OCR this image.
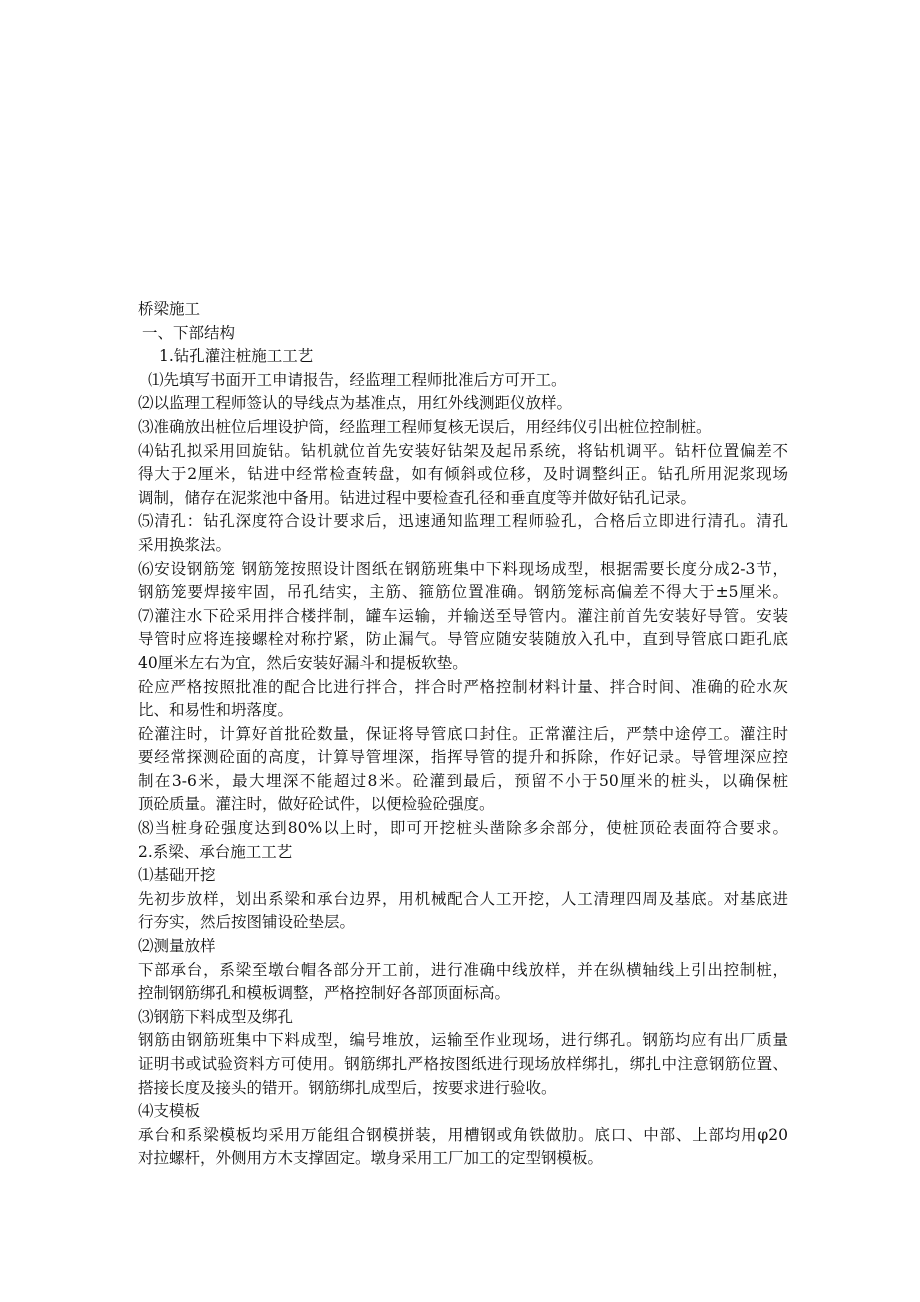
桥梁施工
一、下部结构
1.钻孔灌注桩施工工艺
⑴先填写书面开工申请报告，经监理工程师批准后方可开工。
⑵以监理工程师签认的导线点为基准点，用红外线测距仪放样。
⑶准确放出桩位后埋设护筒，经监理工程师复核无误后，用经纬仪引出桩位控制桩。
⑷钻孔拟采用回旋钻。钻机就位首先安装好钻架及起吊系统，将钻机调平。钻杆位置偏差不
得大于2厘米，钻进中经常检查转盘，如有倾斜或位移，及时调整纠正。钻孔所用泥浆现场
调制，储存在泥浆池中备用。钻进过程中要检查孔径和垂直度等并做好钻孔记录。
⑸清孔：钻孔深度符合设计要求后，迅速通知监理工程师验孔，合格后立即进行清孔。清孔
采用换浆法。
⑹安设钢筋笼 钢筋笼按照设计图纸在钢筋班集中下料现场成型，根据需要长度分成2-3节，
钢筋笼要焊接牢固，吊孔结实，主筋、箍筋位置准确。钢筋笼标高偏差不得大于±5厘米。
⑺灌注水下砼采用拌合楼拌制，罐车运输，并输送至导管内。灌注前首先安装好导管。安装
导管时应将连接螺栓对称拧紧，防止漏气。导管应随安装随放入孔中，直到导管底口距孔底
40厘米左右为宜，然后安装好漏斗和提板软垫。
砼应严格按照批准的配合比进行拌合，拌合时严格控制材料计量、拌合时间、准确的砼水灰
比、和易性和坍落度。
砼灌注时，计算好首批砼数量，保证将导管底口封住。正常灌注后，严禁中途停工。灌注时
要经常探测砼面的高度，计算导管埋深，指挥导管的提升和拆除，作好记录。导管埋深应控
制在3-6米，最大埋深不能超过8米。砼灌到最后，预留不小于50厘米的桩头，以确保桩
顶砼质量。灌注时，做好砼试件，以便检验砼强度。
⑻当桩身砼强度达到80%以上时，即可开挖桩头凿除多余部分，使桩顶砼表面符合要求。
2.系梁、承台施工工艺
⑴基础开挖
先初步放样，划出系梁和承台边界，用机械配合人工开挖，人工清理四周及基底。对基底进
行夯实，然后按图铺设砼垫层。
⑵测量放样
下部承台，系梁至墩台帽各部分开工前，进行准确中线放样，并在纵横轴线上引出控制桩，
控制钢筋绑孔和模板调整，严格控制好各部顶面标高。
⑶钢筋下料成型及绑孔
钢筋由钢筋班集中下料成型，编号堆放，运输至作业现场，进行绑孔。钢筋均应有出厂质量
证明书或试验资料方可使用。钢筋绑扎严格按图纸进行现场放样绑扎，绑扎中注意钢筋位置、
搭接长度及接头的错开。钢筋绑扎成型后，按要求进行验收。
⑷支模板
承台和系梁模板均采用万能组合钢模拼装，用槽钢或角铁做肋。底口、中部、上部均用φ20
对拉螺杆，外侧用方木支撑固定。墩身采用工厂加工的定型钢模板。
